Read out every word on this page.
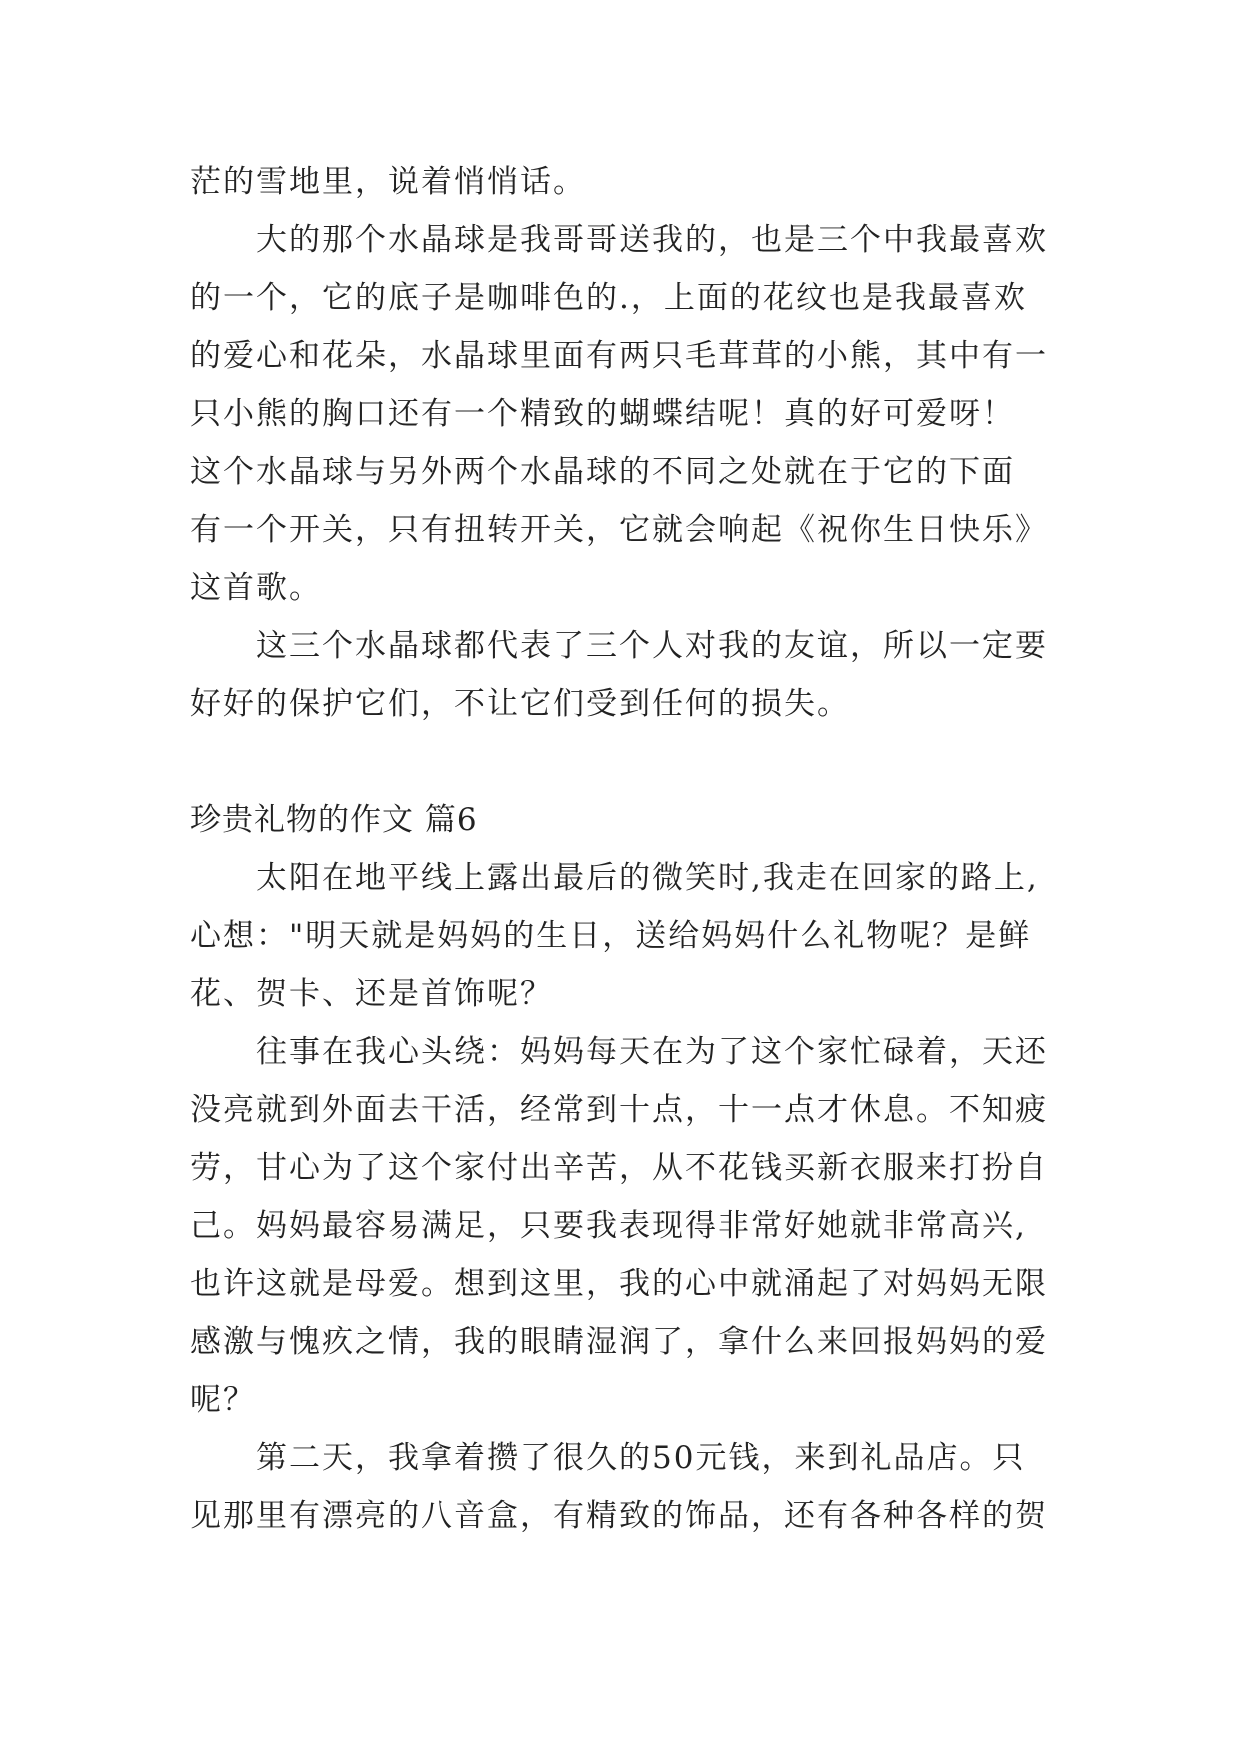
茫的雪地里，说着悄悄话。
大的那个水晶球是我哥哥送我的，也是三个中我最喜欢
的一个，它的底子是咖啡色的.，上面的花纹也是我最喜欢
的爱心和花朵，水晶球里面有两只毛茸茸的小熊，其中有一
只小熊的胸口还有一个精致的蝴蝶结呢！真的好可爱呀！
这个水晶球与另外两个水晶球的不同之处就在于它的下面
有一个开关，只有扭转开关，它就会响起《祝你生日快乐》
这首歌。
这三个水晶球都代表了三个人对我的友谊，所以一定要
好好的保护它们，不让它们受到任何的损失。
珍贵礼物的作文 篇6
太阳在地平线上露出最后的微笑时,我走在回家的路上,
心想："明天就是妈妈的生日，送给妈妈什么礼物呢？是鲜
花、贺卡、还是首饰呢？
往事在我心头绕：妈妈每天在为了这个家忙碌着，天还
没亮就到外面去干活，经常到十点，十一点才休息。不知疲
劳，甘心为了这个家付出辛苦，从不花钱买新衣服来打扮自
己。妈妈最容易满足，只要我表现得非常好她就非常高兴,
也许这就是母爱。想到这里，我的心中就涌起了对妈妈无限
感激与愧疚之情，我的眼睛湿润了，拿什么来回报妈妈的爱
呢？
第二天，我拿着攒了很久的50元钱，来到礼品店。只
见那里有漂亮的八音盒，有精致的饰品，还有各种各样的贺
